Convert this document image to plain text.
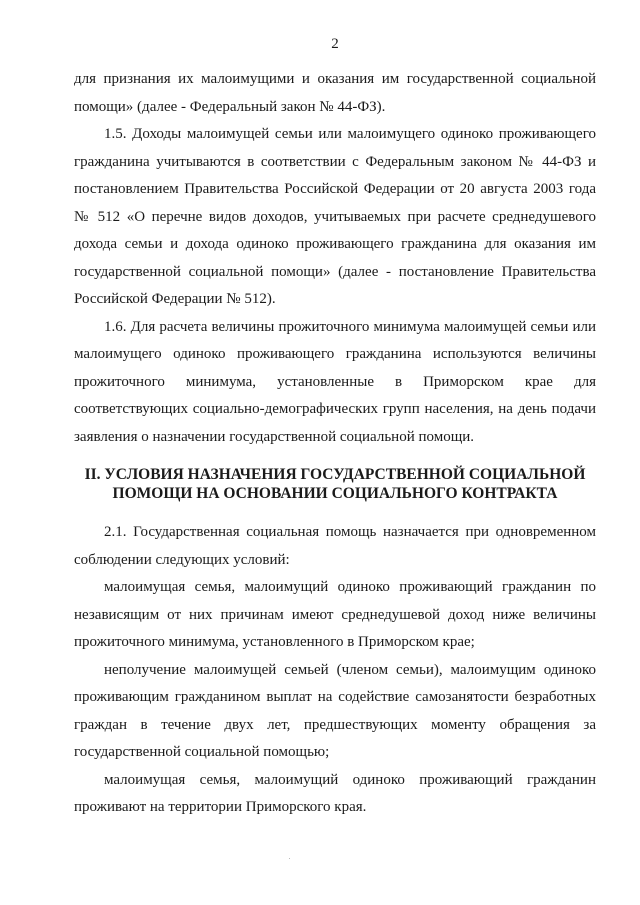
2

для признания их малоимущими и оказания им государственной социальной помощи» (далее - Федеральный закон № 44-ФЗ).

1.5. Доходы малоимущей семьи или малоимущего одиноко проживающего гражданина учитываются в соответствии с Федеральным законом № 44-ФЗ и постановлением Правительства Российской Федерации от 20 августа 2003 года № 512 «О перечне видов доходов, учитываемых при расчете среднедушевого дохода семьи и дохода одиноко проживающего гражданина для оказания им государственной социальной помощи» (далее - постановление Правительства Российской Федерации № 512).

1.6. Для расчета величины прожиточного минимума малоимущей семьи или малоимущего одиноко проживающего гражданина используются величины прожиточного минимума, установленные в Приморском крае для соответствующих социально-демографических групп населения, на день подачи заявления о назначении государственной социальной помощи.

II. УСЛОВИЯ НАЗНАЧЕНИЯ ГОСУДАРСТВЕННОЙ СОЦИАЛЬНОЙ ПОМОЩИ НА ОСНОВАНИИ СОЦИАЛЬНОГО КОНТРАКТА

2.1. Государственная социальная помощь назначается при одновременном соблюдении следующих условий:

малоимущая семья, малоимущий одиноко проживающий гражданин по независящим от них причинам имеют среднедушевой доход ниже величины прожиточного минимума, установленного в Приморском крае;

неполучение малоимущей семьей (членом семьи), малоимущим одиноко проживающим гражданином выплат на содействие самозанятости безработных граждан в течение двух лет, предшествующих моменту обращения за государственной социальной помощью;

малоимущая семья, малоимущий одиноко проживающий гражданин проживают на территории Приморского края.
